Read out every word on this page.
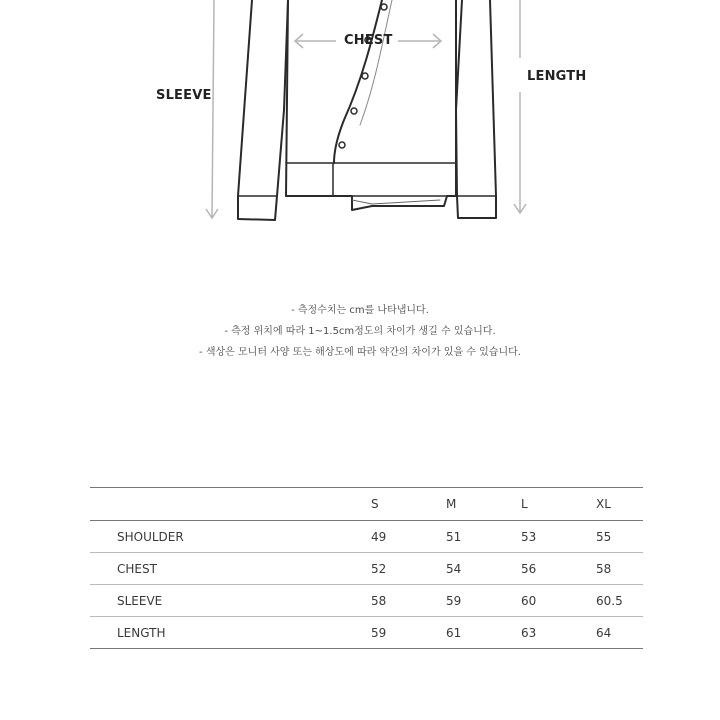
CHEST
LENGTH
SLEEVE
- 측정수치는 cm를 나타냅니다.
- 측정 위치에 따라 1~1.5cm정도의 차이가 생길 수 있습니다.
- 색상은 모니터 사양 또는 해상도에 따라 약간의 차이가 있을 수 있습니다.
	S	M	L	XL
SHOULDER	49	51	53	55
CHEST	52	54	56	58
SLEEVE	58	59	60	60.5
LENGTH	59	61	63	64
